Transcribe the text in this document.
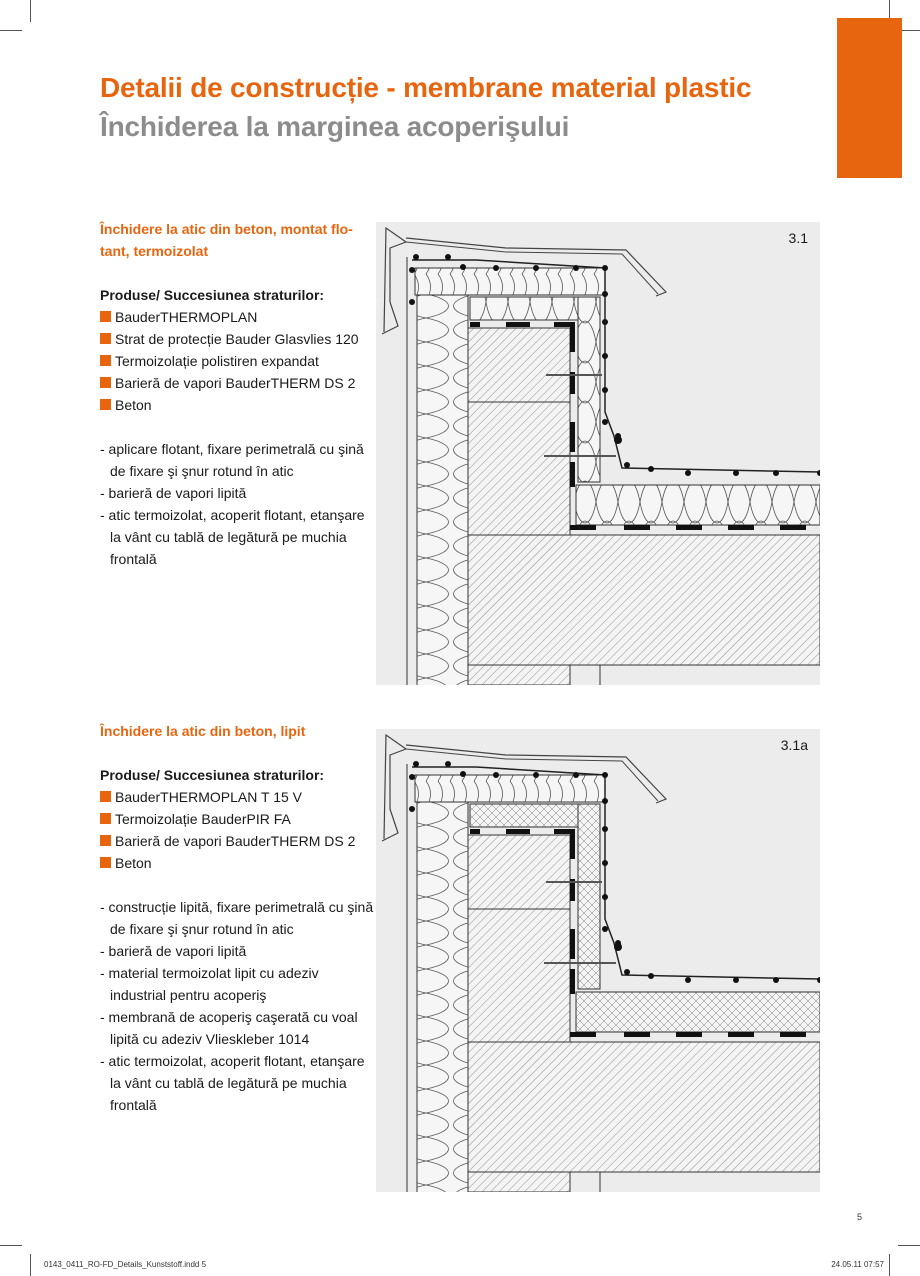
Detalii de construcție - membrane material plastic
Închiderea la marginea acoperişului
Închidere la atic din beton, montat flo-tant, termoizolat
Produse/ Succesiunea straturilor:
BauderTHERMOPLAN
Strat de protecție Bauder Glasvlies 120
Termoizolație polistiren expandat
Barieră de vapori BauderTHERM DS 2
Beton
- aplicare flotant, fixare perimetrală cu şină de fixare şi şnur rotund în atic
- barieră de vapori lipită
- atic termoizolat, acoperit flotant, etanşare la vânt cu tablă de legătură pe muchia frontală
3.1
Închidere la atic din beton, lipit
Produse/ Succesiunea straturilor:
BauderTHERMOPLAN T 15 V
Termoizolație BauderPIR FA
Barieră de vapori BauderTHERM DS 2
Beton
- construcție lipită, fixare perimetrală cu şină de fixare şi şnur rotund în atic
- barieră de vapori lipită
- material termoizolat lipit cu adeziv industrial pentru acoperiş
- membrană de acoperiş caşerată cu voal lipită cu adeziv Vlieskleber 1014
- atic termoizolat, acoperit flotant, etanşare la vânt cu tablă de legătură pe muchia frontală
3.1a
5
0143_0411_RO-FD_Details_Kunststoff.indd 5	24.05.11 07:57
